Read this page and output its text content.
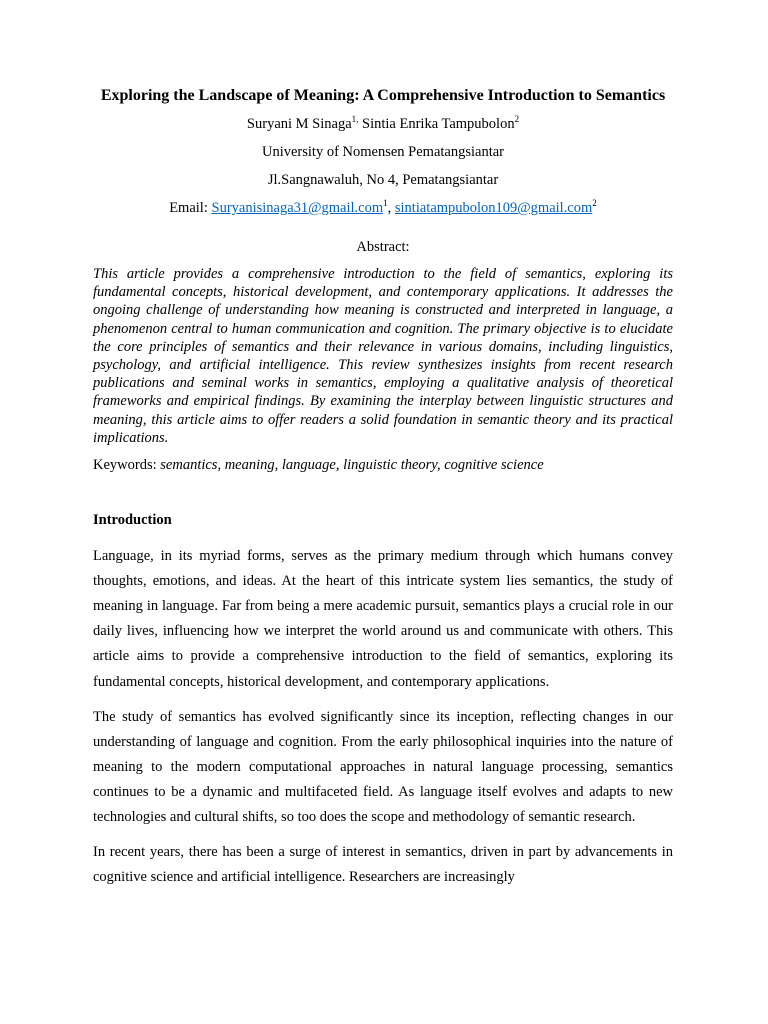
Exploring the Landscape of Meaning: A Comprehensive Introduction to Semantics

Suryani M Sinaga$^{1,}$ Sintia Enrika Tampubolon$^2$

University of Nomensen Pematangsiantar

Jl.Sangnawaluh, No 4, Pematangsiantar

Email: Suryanisinaga31@gmail.com$^1$, sintiatampubolon109@gmail.com$^2$

Abstract:

This article provides a comprehensive introduction to the field of semantics, exploring its fundamental concepts, historical development, and contemporary applications. It addresses the ongoing challenge of understanding how meaning is constructed and interpreted in language, a phenomenon central to human communication and cognition. The primary objective is to elucidate the core principles of semantics and their relevance in various domains, including linguistics, psychology, and artificial intelligence. This review synthesizes insights from recent research publications and seminal works in semantics, employing a qualitative analysis of theoretical frameworks and empirical findings. By examining the interplay between linguistic structures and meaning, this article aims to offer readers a solid foundation in semantic theory and its practical implications.

Keywords: semantics, meaning, language, linguistic theory, cognitive science

Introduction

Language, in its myriad forms, serves as the primary medium through which humans convey thoughts, emotions, and ideas. At the heart of this intricate system lies semantics, the study of meaning in language. Far from being a mere academic pursuit, semantics plays a crucial role in our daily lives, influencing how we interpret the world around us and communicate with others. This article aims to provide a comprehensive introduction to the field of semantics, exploring its fundamental concepts, historical development, and contemporary applications.

The study of semantics has evolved significantly since its inception, reflecting changes in our understanding of language and cognition. From the early philosophical inquiries into the nature of meaning to the modern computational approaches in natural language processing, semantics continues to be a dynamic and multifaceted field. As language itself evolves and adapts to new technologies and cultural shifts, so too does the scope and methodology of semantic research.

In recent years, there has been a surge of interest in semantics, driven in part by advancements in cognitive science and artificial intelligence. Researchers are increasingly
